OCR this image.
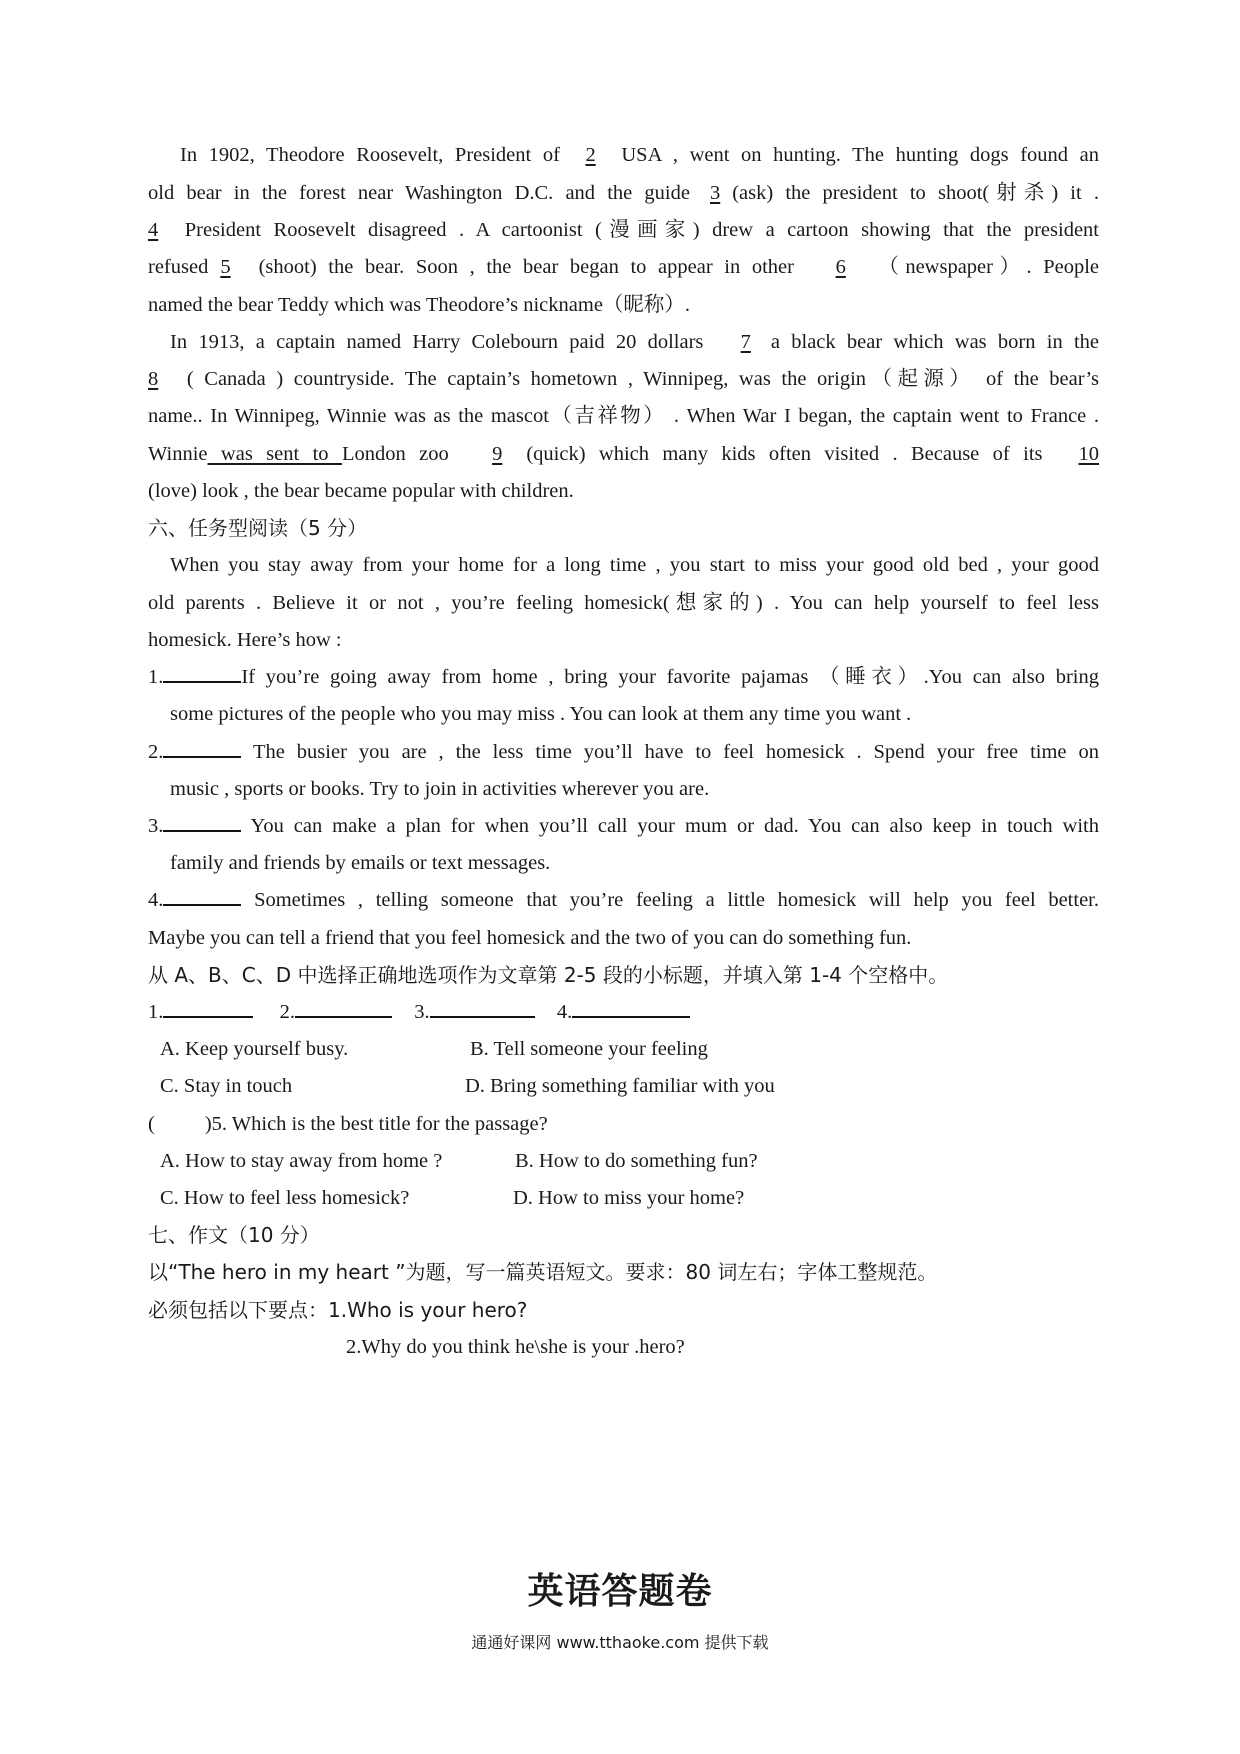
In 1902, Theodore Roosevelt, President of 2 USA , went on hunting. The hunting dogs found an
old bear in the forest near Washington D.C. and the guide 3 (ask) the president to shoot(射杀) it .
4 President Roosevelt disagreed . A cartoonist (漫画家) drew a cartoon showing that the president
refused 5 (shoot) the bear. Soon , the bear began to appear in other 6 （newspaper）. People
named the bear Teddy which was Theodore’s nickname（昵称）.
In 1913, a captain named Harry Colebourn paid 20 dollars 7 a black bear which was born in the
8 ( Canada ) countryside. The captain’s hometown , Winnipeg, was the origin（起源） of the bear’s
name.. In Winnipeg, Winnie was as the mascot（吉祥物） . When War I began, the captain went to France .
Winnie was sent to London zoo 9 (quick) which many kids often visited . Because of its 10
(love) look , the bear became popular with children.
六、任务型阅读（5 分）
When you stay away from your home for a long time , you start to miss your good old bed , your good
old parents . Believe it or not , you’re feeling homesick(想家的) . You can help yourself to feel less
homesick. Here’s how :
1.	If you’re going away from home , bring your favorite pajamas （睡衣）.You can also bring
some pictures of the people who you may miss . You can look at them any time you want .
2.	The busier you are , the less time you’ll have to feel homesick . Spend your free time on
music , sports or books. Try to join in activities wherever you are.
3.	You can make a plan for when you’ll call your mum or dad. You can also keep in touch with
family and friends by emails or text messages.
4.	Sometimes , telling someone that you’re feeling a little homesick will help you feel better.
Maybe you can tell a friend that you feel homesick and the two of you can do something fun.
从 A、B、C、D 中选择正确地选项作为文章第 2-5 段的小标题，并填入第 1-4 个空格中。
1.	2.	3.	4.
A. Keep yourself busy.	B. Tell someone your feeling
C. Stay in touch	D. Bring something familiar with you
( )5. Which is the best title for the passage?
A. How to stay away from home ?	B. How to do something fun?
C. How to feel less homesick?	D. How to miss your home?
七、作文（10 分）
以“The hero in my heart ”为题，写一篇英语短文。要求：80 词左右；字体工整规范。
必须包括以下要点：1.Who is your hero?
2.Why do you think he\she is your .hero?
英语答题卷
通通好课网 www.tthaoke.com 提供下载
